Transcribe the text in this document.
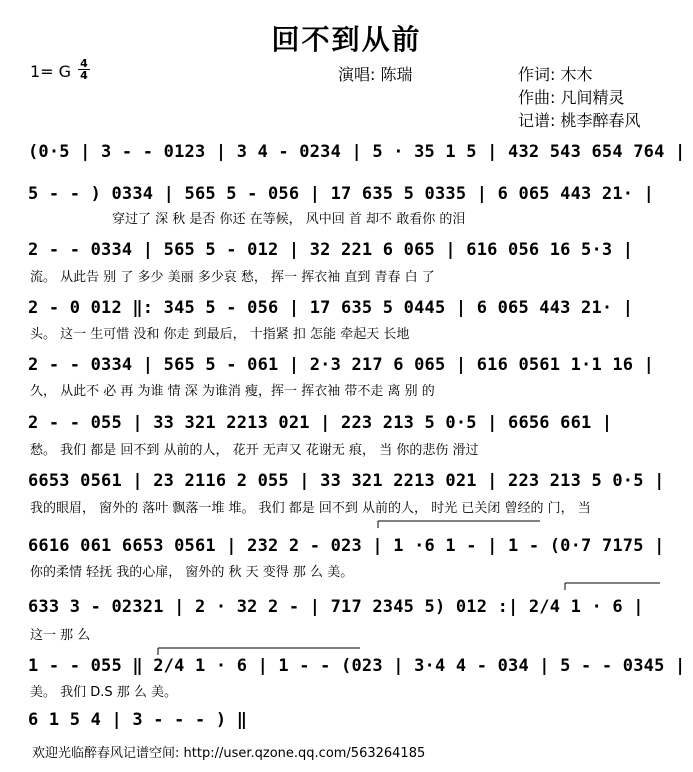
回不到从前
1= G 4
4	演唱: 陈瑞	作词: 木木
作曲: 凡间精灵
记谱: 桃李醉春风
(0·5 | 3 - - 0123 | 3 4 - 0234 | 5 · 35 1 5 | 432 543 654 764 |
5 - - ) 0334 | 565 5 - 056 | 17 635 5 0335 | 6 065 443 21· |
穿过了 深 秋 是否 你还 在等候， 风中回 首 却不 敢看你 的泪
2 - - 0334 | 565 5 - 012 | 32 221 6 065 | 616 056 16 5·3 |
流。 从此告 别 了 多少 美丽 多少哀 愁， 挥一 挥衣袖 直到 青春 白 了
2 - 0 012 ‖: 345 5 - 056 | 17 635 5 0445 | 6 065 443 21· |
头。 这一 生可惜 没和 你走 到最后， 十指紧 扣 怎能 牵起天 长地
2 - - 0334 | 565 5 - 061 | 2·3 217 6 065 | 616 0561 1·1 16 |
久， 从此不 必 再 为谁 情 深 为谁消 瘦，挥一 挥衣袖 带不走 离 别 的
2 - - 055 | 33 321 2213 021 | 223 213 5 0·5 | 6656 661 |
愁。 我们 都是 回不到 从前的人， 花开 无声又 花谢无 痕， 当 你的悲伤 滑过
6653 0561 | 23 2116 2 055 | 33 321 2213 021 | 223 213 5 0·5 |
我的眼眉， 窗外的 落叶 飘落一堆 堆。 我们 都是 回不到 从前的人， 时光 已关闭 曾经的 门， 当
6616 061 6653 0561 | 232 2 - 023 | 1 ·6 1 - | 1 - (0·7 7175 |
你的柔情 轻抚 我的心扉， 窗外的 秋 天 变得 那 么 美。
633 3 - 02321 | 2 · 32 2 - | 717 2345 5) 012 :| 2/4 1 · 6 |
这一 那 么
1 - - 055 ‖ 2/4 1 · 6 | 1 - - (023 | 3·4 4 - 034 | 5 - - 0345 |
美。 我们 D.S 那 么 美。
6 1 5 4 | 3 - - - ) ‖
欢迎光临醉春风记谱空间: http://user.qzone.qq.com/563264185
